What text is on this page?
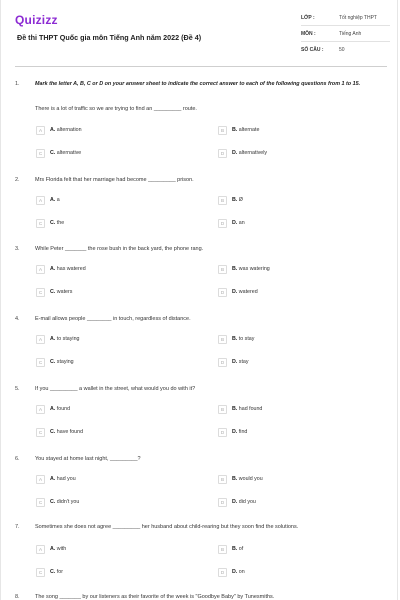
Quizizz
Đề thi THPT Quốc gia môn Tiếng Anh năm 2022 (Đề 4)
LỚP :	Tốt nghiệp THPT
MÔN :	Tiếng Anh
SỐ CÂU :	50
1.	Mark the letter A, B, C or D on your answer sheet to indicate the correct answer to each of the following questions from 1 to 15.
There is a lot of traffic so we are trying to find an _________ route.
A	A. alternation	B	B. alternate
C	C. alternative	D	D. alternatively
2.	Mrs Florida felt that her marriage had become _________ prison.
A	A. a	B	B. Ø
C	C. the	D	D. an
3.	While Peter _______ the rose bush in the back yard, the phone rang.
A	A. has watered	B	B. was watering
C	C. waters	D	D. watered
4.	E-mail allows people ________ in touch, regardless of distance.
A	A. to staying	B	B. to stay
C	C. staying	D	D. stay
5.	If you _________ a wallet in the street, what would you do with it?
A	A. found	B	B. had found
C	C. have found	D	D. find
6.	You stayed at home last night, _________?
A	A. had you	B	B. would you
C	C. didn't you	D	D. did you
7.	Sometimes she does not agree _________ her husband about child-rearing but they soon find the solutions.
A	A. with	B	B. of
C	C. for	D	D. on
8.	The song _______ by our listeners as their favorite of the week is "Goodbye Baby" by Tunesmiths.
